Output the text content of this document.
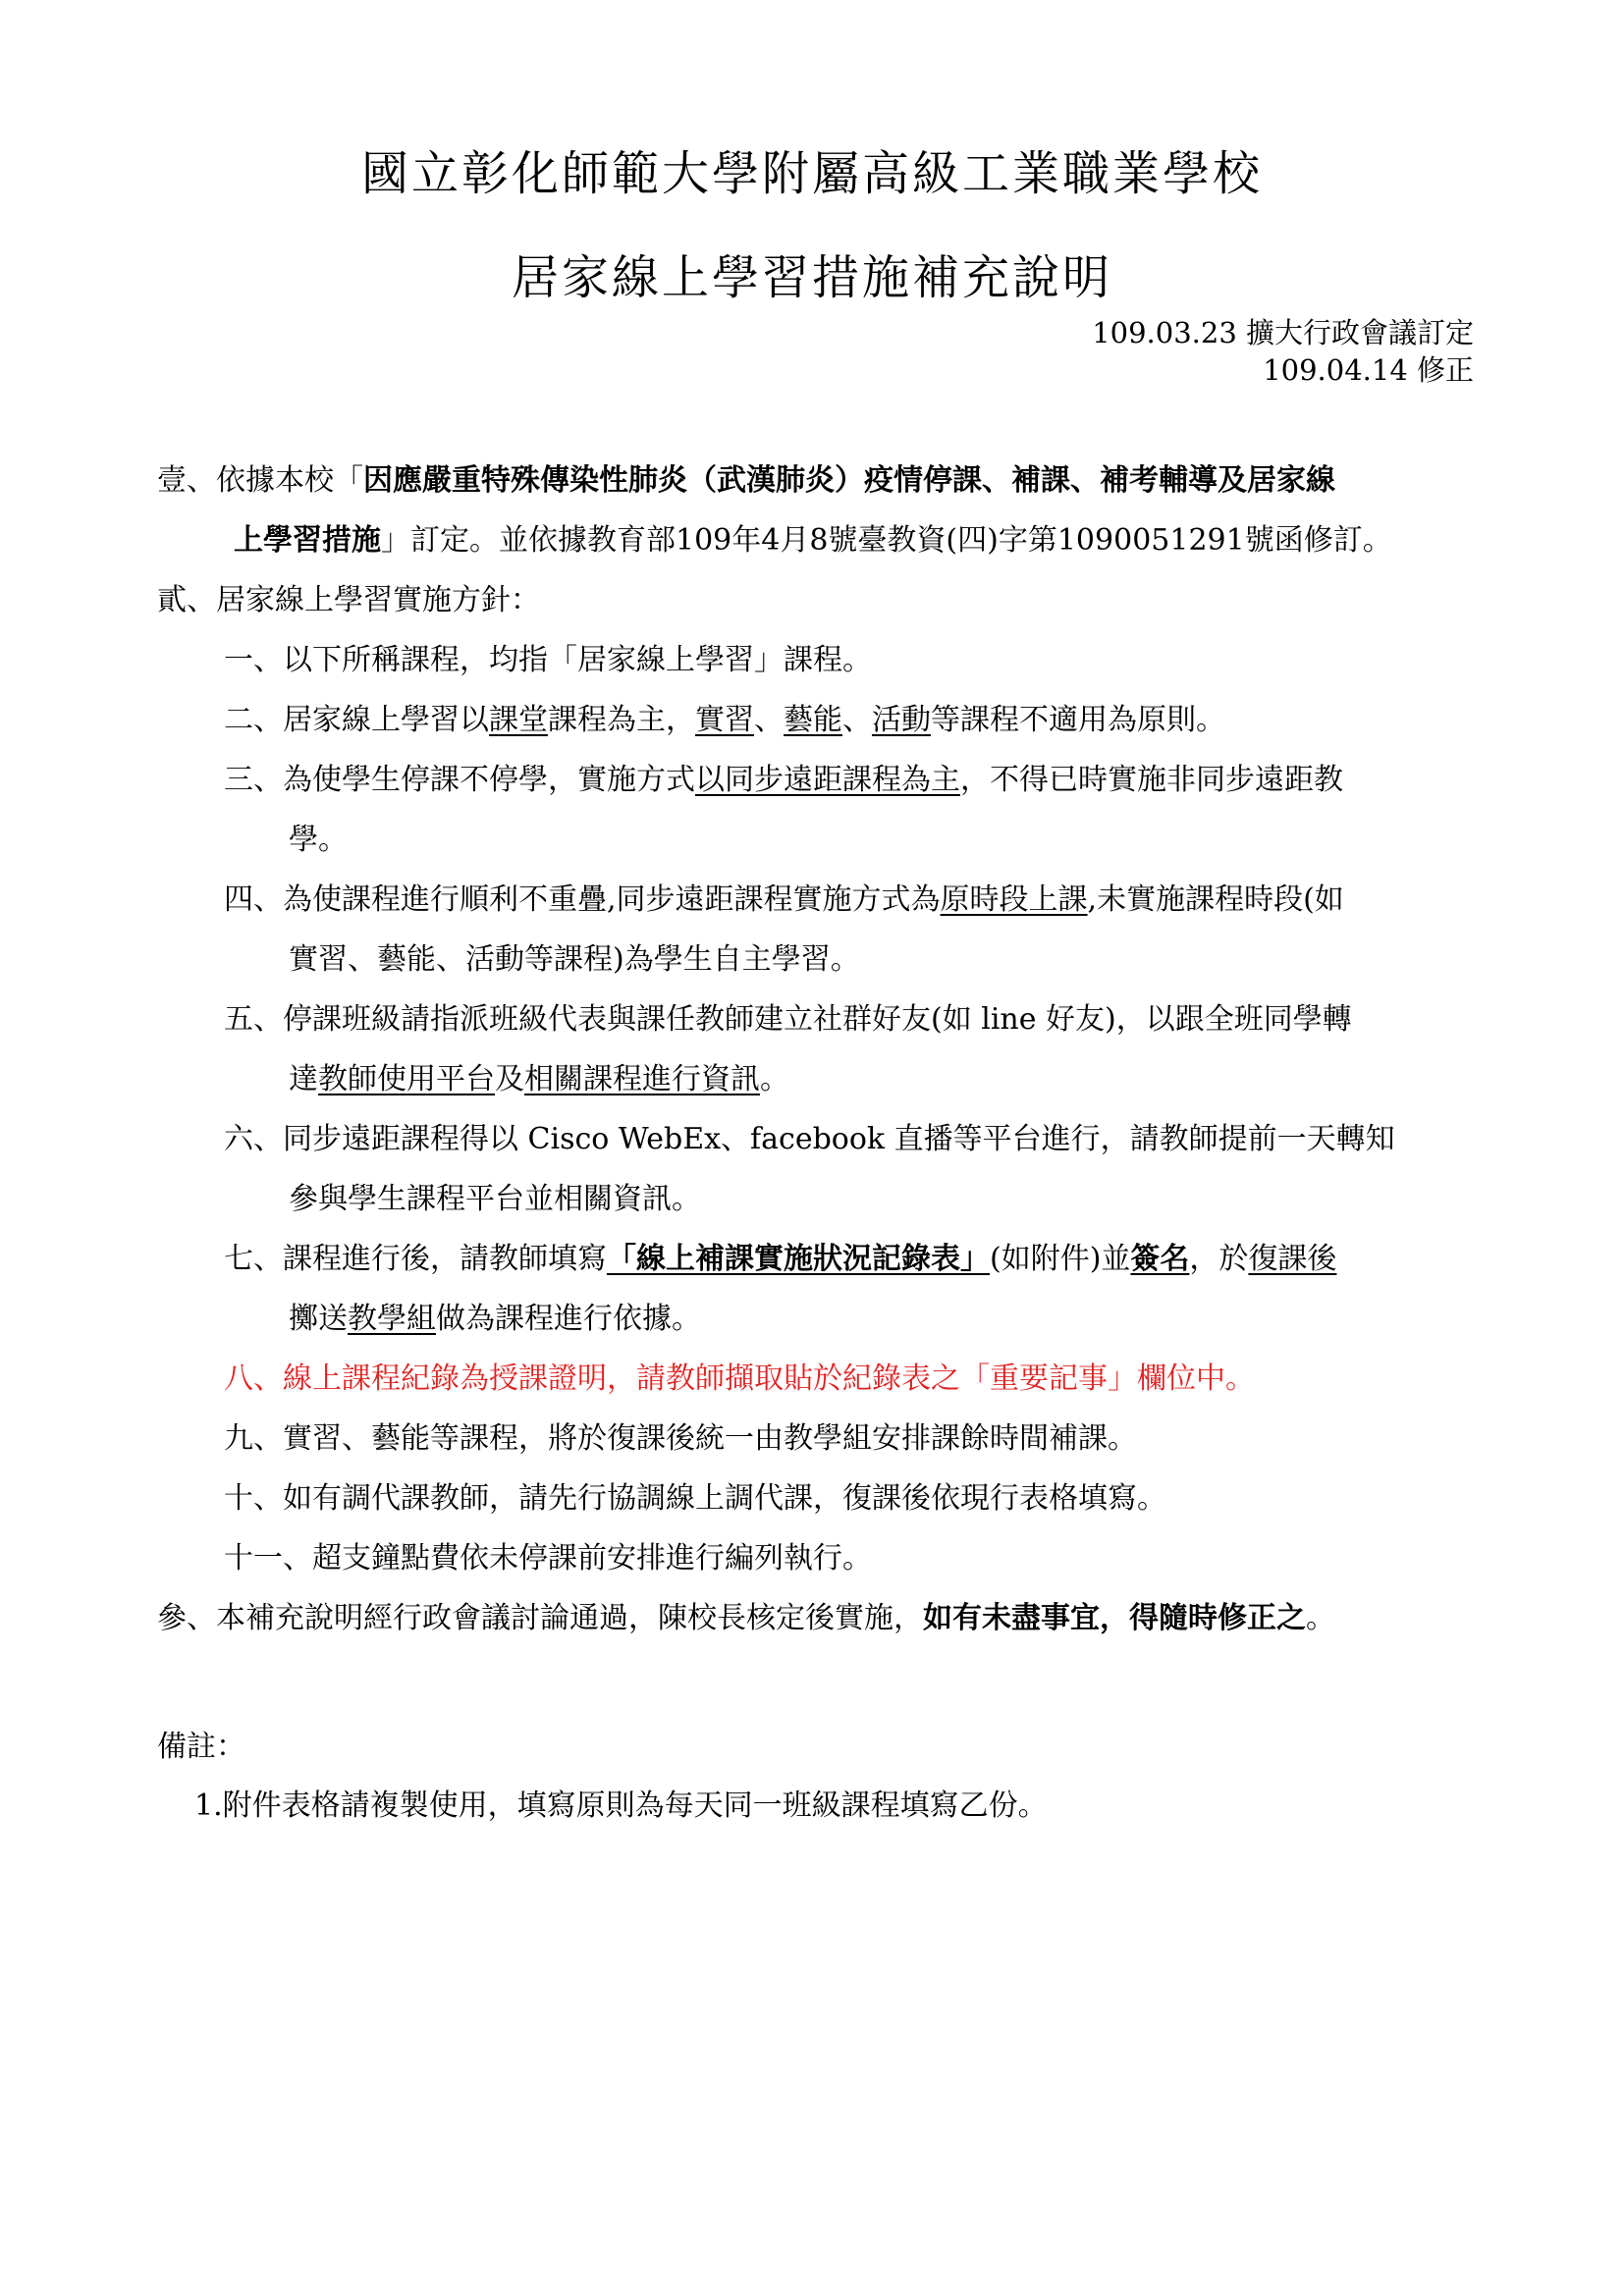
國立彰化師範大學附屬高級工業職業學校
居家線上學習措施補充說明
109.03.23 擴大行政會議訂定
109.04.14 修正
壹、依據本校「因應嚴重特殊傳染性肺炎（武漢肺炎）疫情停課、補課、補考輔導及居家線
上學習措施」訂定。並依據教育部109年4月8號臺教資(四)字第1090051291號函修訂。
貳、居家線上學習實施方針：
一、以下所稱課程，均指「居家線上學習」課程。
二、居家線上學習以課堂課程為主，實習、藝能、活動等課程不適用為原則。
三、為使學生停課不停學，實施方式以同步遠距課程為主，不得已時實施非同步遠距教
學。
四、為使課程進行順利不重疊,同步遠距課程實施方式為原時段上課,未實施課程時段(如
實習、藝能、活動等課程)為學生自主學習。
五、停課班級請指派班級代表與課任教師建立社群好友(如 line 好友)，以跟全班同學轉
達教師使用平台及相關課程進行資訊。
六、同步遠距課程得以 Cisco WebEx、facebook 直播等平台進行，請教師提前一天轉知
參與學生課程平台並相關資訊。
七、課程進行後，請教師填寫「線上補課實施狀況記錄表」(如附件)並簽名，於復課後
擲送教學組做為課程進行依據。
八、線上課程紀錄為授課證明，請教師擷取貼於紀錄表之「重要記事」欄位中。
九、實習、藝能等課程，將於復課後統一由教學組安排課餘時間補課。
十、如有調代課教師，請先行協調線上調代課，復課後依現行表格填寫。
十一、超支鐘點費依未停課前安排進行編列執行。
參、本補充說明經行政會議討論通過，陳校長核定後實施，如有未盡事宜，得隨時修正之。
備註：
1.附件表格請複製使用，填寫原則為每天同一班級課程填寫乙份。
